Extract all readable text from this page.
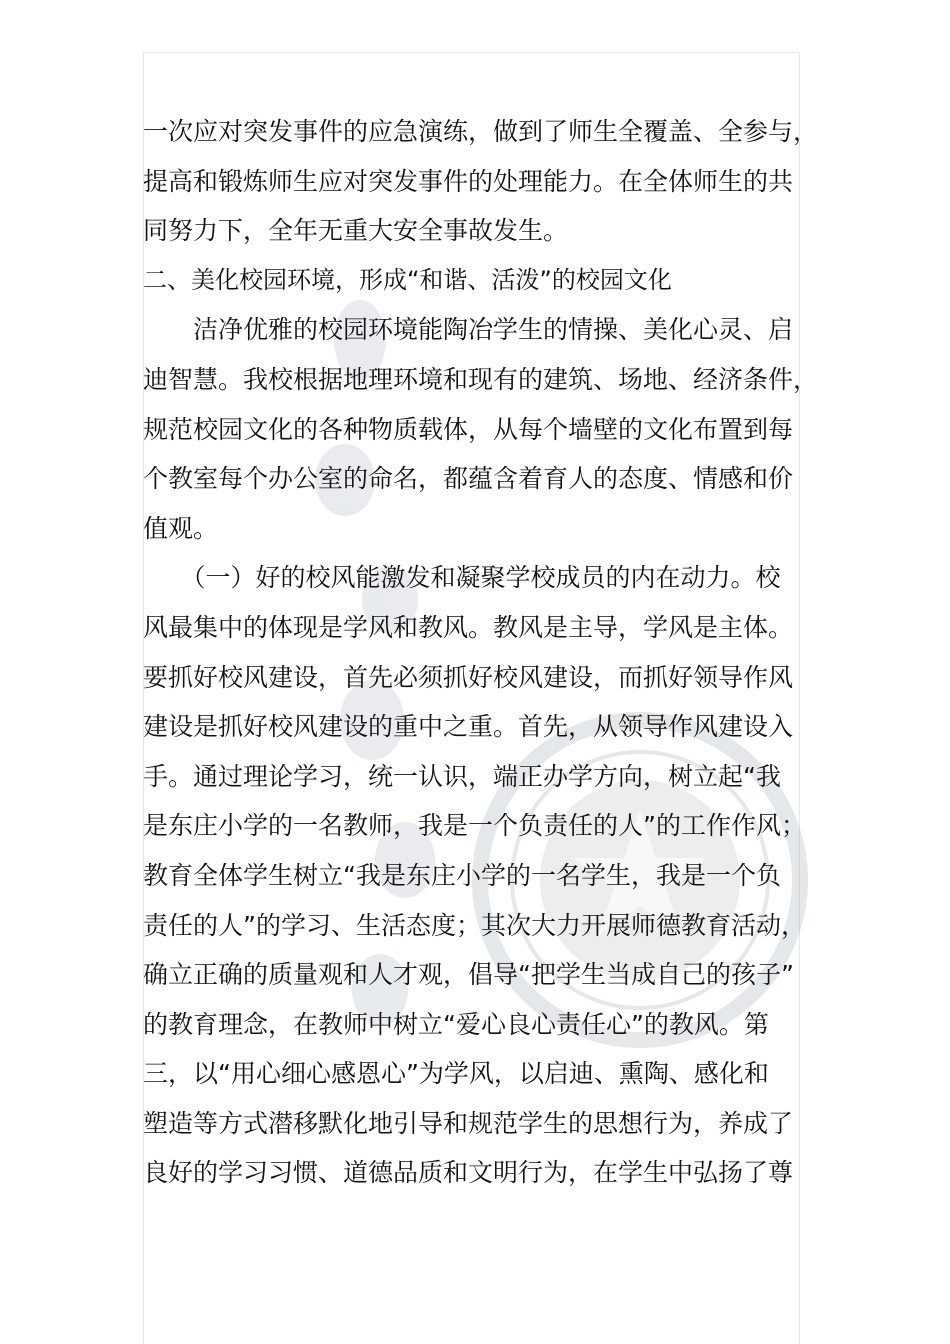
一次应对突发事件的应急演练，做到了师生全覆盖、全参与，
提高和锻炼师生应对突发事件的处理能力。在全体师生的共
同努力下，全年无重大安全事故发生。
二、美化校园环境，形成“和谐、活泼”的校园文化
　　洁净优雅的校园环境能陶冶学生的情操、美化心灵、启
迪智慧。我校根据地理环境和现有的建筑、场地、经济条件，
规范校园文化的各种物质载体，从每个墙壁的文化布置到每
个教室每个办公室的命名，都蕴含着育人的态度、情感和价
值观。
　　（一）好的校风能激发和凝聚学校成员的内在动力。校
风最集中的体现是学风和教风。教风是主导，学风是主体。
要抓好校风建设，首先必须抓好校风建设，而抓好领导作风
建设是抓好校风建设的重中之重。首先，从领导作风建设入
手。通过理论学习，统一认识，端正办学方向，树立起“我
是东庄小学的一名教师，我是一个负责任的人”的工作作风；
教育全体学生树立“我是东庄小学的一名学生，我是一个负
责任的人”的学习、生活态度；其次大力开展师德教育活动，
确立正确的质量观和人才观，倡导“把学生当成自己的孩子”
的教育理念，在教师中树立“爱心良心责任心”的教风。第
三，以“用心细心感恩心”为学风，以启迪、熏陶、感化和
塑造等方式潜移默化地引导和规范学生的思想行为，养成了
良好的学习习惯、道德品质和文明行为，在学生中弘扬了尊
